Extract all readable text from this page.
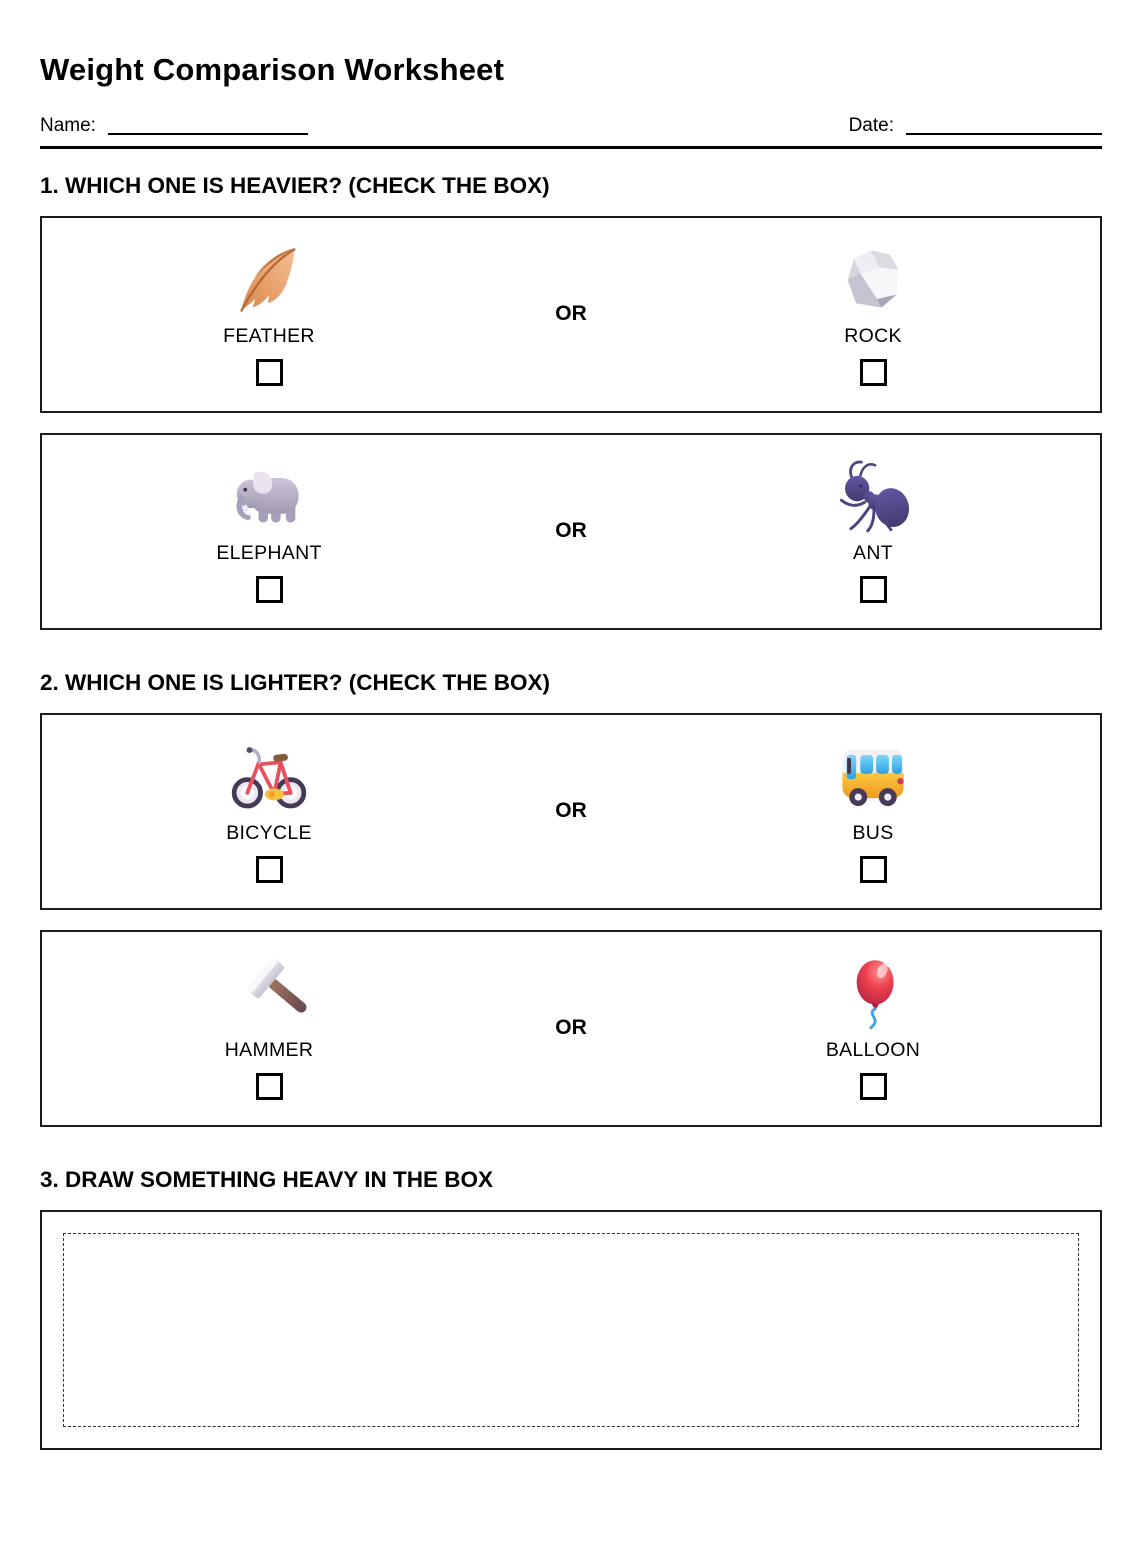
Weight Comparison Worksheet
Name:	Date:
1. WHICH ONE IS HEAVIER? (CHECK THE BOX)
FEATHER
OR
ROCK
ELEPHANT
OR
ANT
2. WHICH ONE IS LIGHTER? (CHECK THE BOX)
BICYCLE
OR
BUS
HAMMER
OR
BALLOON
3. DRAW SOMETHING HEAVY IN THE BOX
